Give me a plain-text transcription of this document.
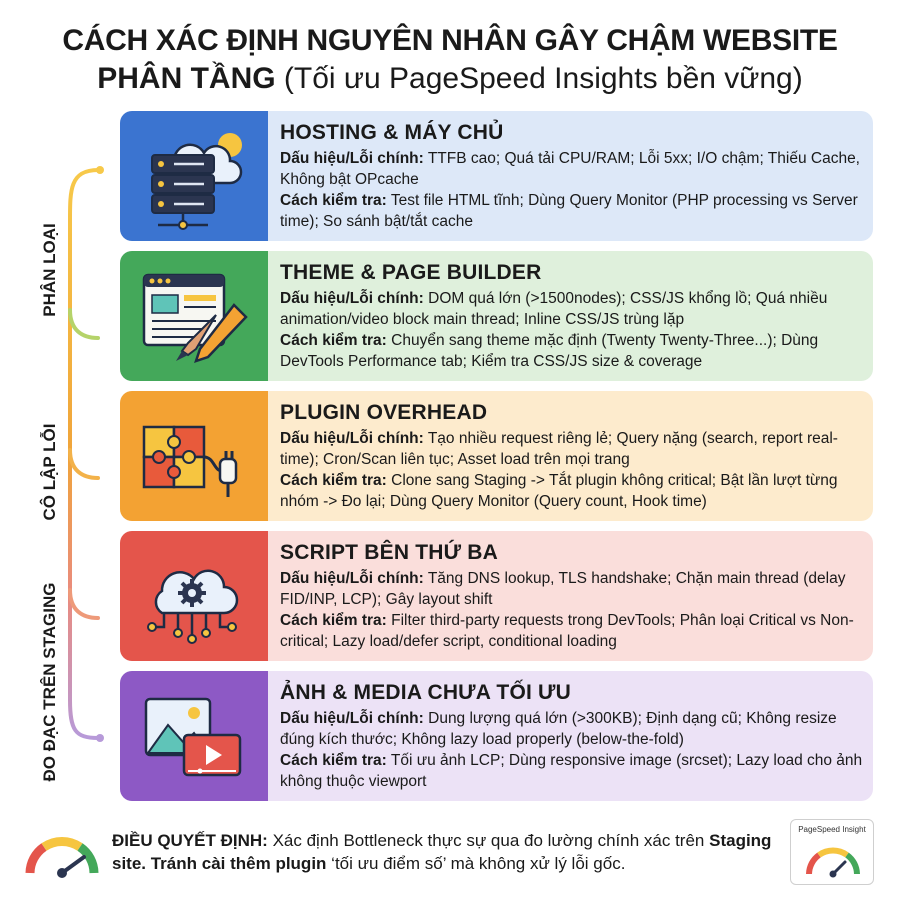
CÁCH XÁC ĐỊNH NGUYÊN NHÂN GÂY CHẬM WEBSITE
PHÂN TẦNG (Tối ưu PageSpeed Insights bền vững)
PHÂN LOẠI
CÔ LẬP LỖI
ĐO ĐẠC TRÊN STAGING
HOSTING & MÁY CHỦ

Dấu hiệu/Lỗi chính: TTFB cao; Quá tải CPU/RAM; Lỗi 5xx; I/O chậm; Thiếu Cache, Không bật OPcache

Cách kiểm tra: Test file HTML tĩnh; Dùng Query Monitor (PHP processing vs Server time); So sánh bật/tắt cache

THEME & PAGE BUILDER

Dấu hiệu/Lỗi chính: DOM quá lớn (>1500nodes); CSS/JS khổng lồ; Quá nhiều animation/video block main thread; Inline CSS/JS trùng lặp

Cách kiểm tra: Chuyển sang theme mặc định (Twenty Twenty-Three...); Dùng DevTools Performance tab; Kiểm tra CSS/JS size & coverage

PLUGIN OVERHEAD

Dấu hiệu/Lỗi chính: Tạo nhiều request riêng lẻ; Query nặng (search, report real-time); Cron/Scan liên tục; Asset load trên mọi trang

Cách kiểm tra: Clone sang Staging -> Tắt plugin không critical; Bật lần lượt từng nhóm -> Đo lại; Dùng Query Monitor (Query count, Hook time)

SCRIPT BÊN THỨ BA

Dấu hiệu/Lỗi chính: Tăng DNS lookup, TLS handshake; Chặn main thread (delay FID/INP, LCP); Gây layout shift

Cách kiểm tra: Filter third-party requests trong DevTools; Phân loại Critical vs Non-critical; Lazy load/defer script, conditional loading

ẢNH & MEDIA CHƯA TỐI ƯU

Dấu hiệu/Lỗi chính: Dung lượng quá lớn (>300KB); Định dạng cũ; Không resize đúng kích thước; Không lazy load properly (below-the-fold)

Cách kiểm tra: Tối ưu ảnh LCP; Dùng responsive image (srcset); Lazy load cho ảnh không thuộc viewport

ĐIỀU QUYẾT ĐỊNH: Xác định Bottleneck thực sự qua đo lường chính xác trên Staging site. Tránh cài thêm plugin ‘tối ưu điểm số’ mà không xử lý lỗi gốc.
PageSpeed Insight
